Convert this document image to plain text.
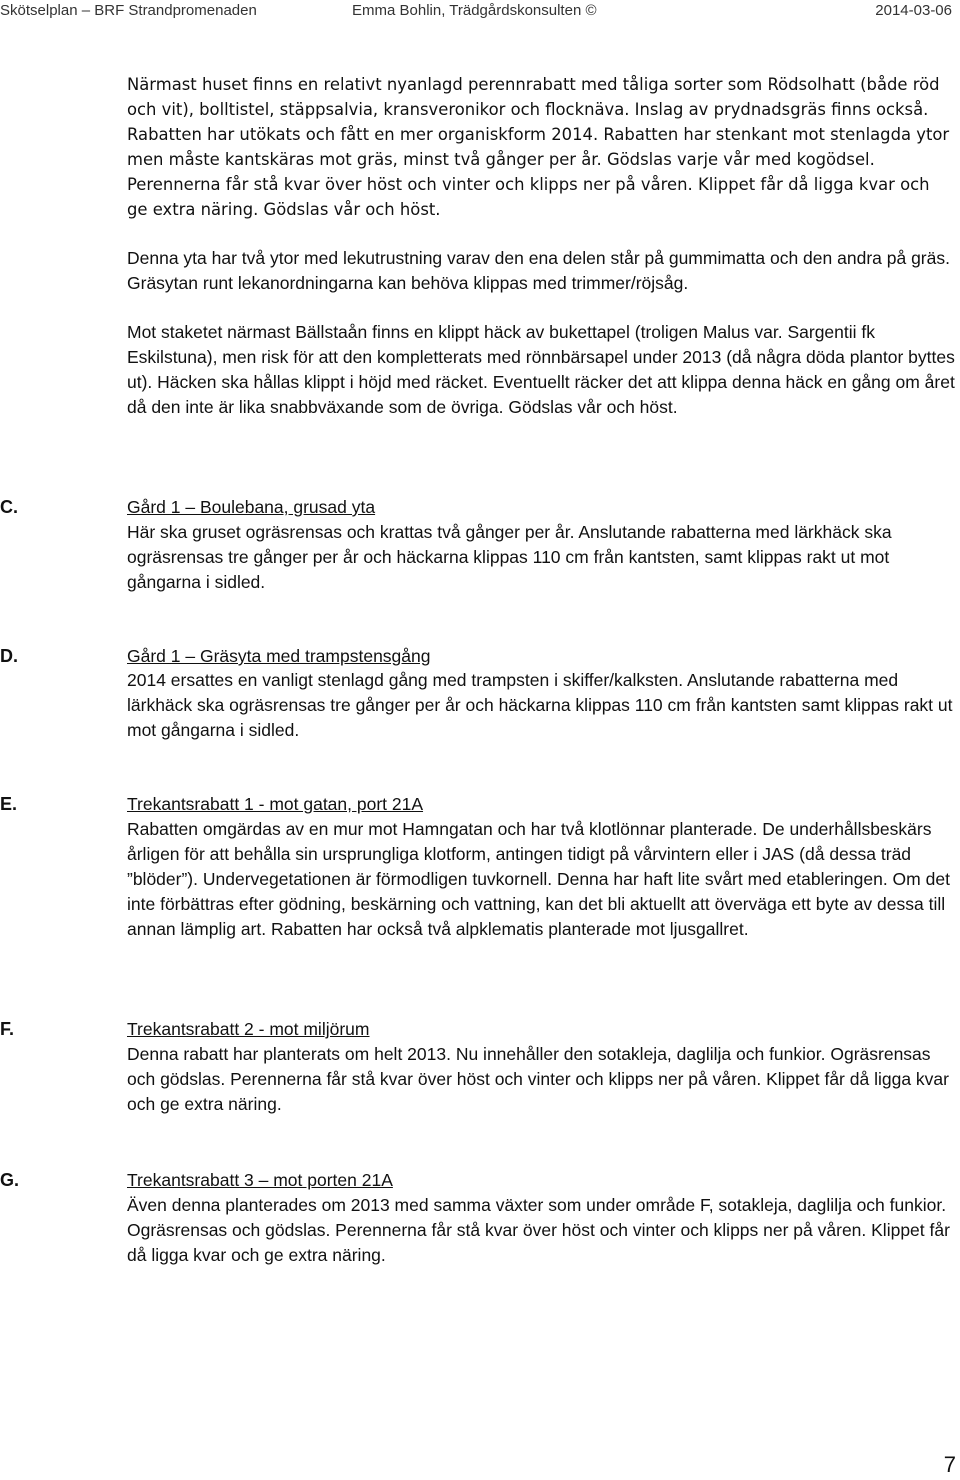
Skötselplan – BRF Strandpromenaden	Emma Bohlin, Trädgårdskonsulten ©	2014-03-06

Närmast huset finns en relativt nyanlagd perennrabatt med tåliga sorter som Rödsolhatt (både röd och vit), bolltistel, stäppsalvia, kransveronikor och flocknäva. Inslag av prydnadsgräs finns också. Rabatten har utökats och fått en mer organiskform 2014. Rabatten har stenkant mot stenlagda ytor men måste kantskäras mot gräs, minst två gånger per år. Gödslas varje vår med kogödsel. Perennerna får stå kvar över höst och vinter och klipps ner på våren. Klippet får då ligga kvar och ge extra näring. Gödslas vår och höst.

Denna yta har två ytor med lekutrustning varav den ena delen står på gummimatta och den andra på gräs. Gräsytan runt lekanordningarna kan behöva klippas med trimmer/röjsåg.

Mot staketet närmast Bällstaån finns en klippt häck av bukettapel (troligen Malus var. Sargentii fk Eskilstuna), men risk för att den kompletterats med rönnbärsapel under 2013 (då några döda plantor byttes ut). Häcken ska hållas klippt i höjd med räcket. Eventuellt räcker det att klippa denna häck en gång om året då den inte är lika snabbväxande som de övriga. Gödslas vår och höst.

C.	Gård 1 – Boulebana, grusad yta

Här ska gruset ogräsrensas och krattas två gånger per år. Anslutande rabatterna med lärkhäck ska ogräsrensas tre gånger per år och häckarna klippas 110 cm från kantsten, samt klippas rakt ut mot gångarna i sidled.

D.	Gård 1 – Gräsyta med trampstensgång

2014 ersattes en vanligt stenlagd gång med trampsten i skiffer/kalksten. Anslutande rabatterna med lärkhäck ska ogräsrensas tre gånger per år och häckarna klippas 110 cm från kantsten samt klippas rakt ut mot gångarna i sidled.

E.	Trekantsrabatt 1 - mot gatan, port 21A

Rabatten omgärdas av en mur mot Hamngatan och har två klotlönnar planterade. De underhållsbeskärs årligen för att behålla sin ursprungliga klotform, antingen tidigt på vårvintern eller i JAS (då dessa träd ”blöder”). Undervegetationen är förmodligen tuvkornell. Denna har haft lite svårt med etableringen. Om det inte förbättras efter gödning, beskärning och vattning, kan det bli aktuellt att överväga ett byte av dessa till annan lämplig art. Rabatten har också två alpklematis planterade mot ljusgallret.

F.	Trekantsrabatt 2 - mot miljörum

Denna rabatt har planterats om helt 2013. Nu innehåller den sotakleja, daglilja och funkior. Ogräsrensas och gödslas. Perennerna får stå kvar över höst och vinter och klipps ner på våren. Klippet får då ligga kvar och ge extra näring.

G.	Trekantsrabatt 3 – mot porten 21A

Även denna planterades om 2013 med samma växter som under område F, sotakleja, daglilja och funkior. Ogräsrensas och gödslas. Perennerna får stå kvar över höst och vinter och klipps ner på våren. Klippet får då ligga kvar och ge extra näring.

7
